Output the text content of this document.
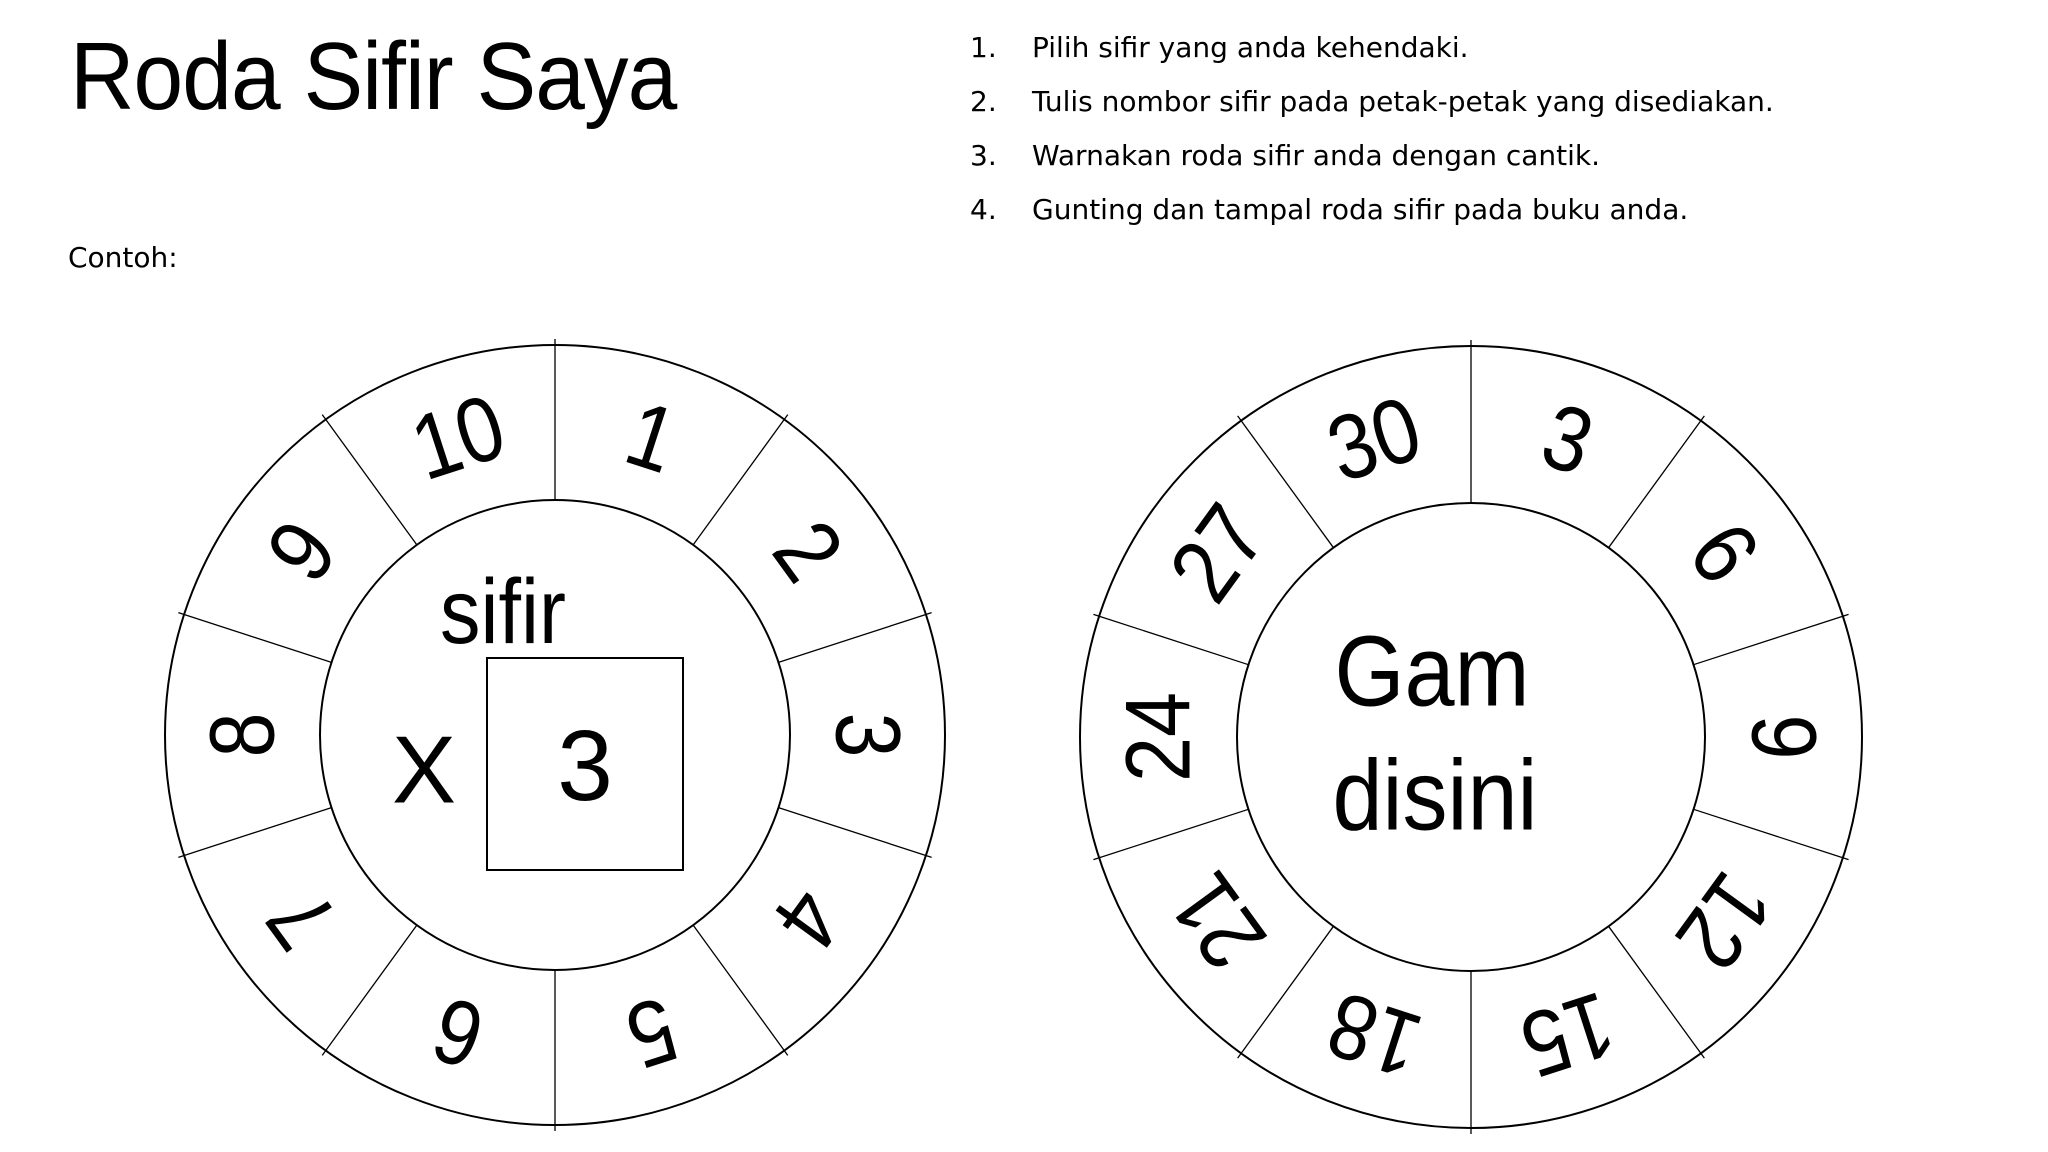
Roda Sifir Saya	1. Pilih sifir yang anda kehendaki.
2. Tulis nombor sifir pada petak-petak yang disediakan.
3. Warnakan roda sifir anda dengan cantik.
4. Gunting dan tampal roda sifir pada buku anda.
Contoh:
1
2
3
4
5
6
7
8
9
10
sifir
X 3
3
6
9
12
15
18
21
24
27
30
Gam
disini
